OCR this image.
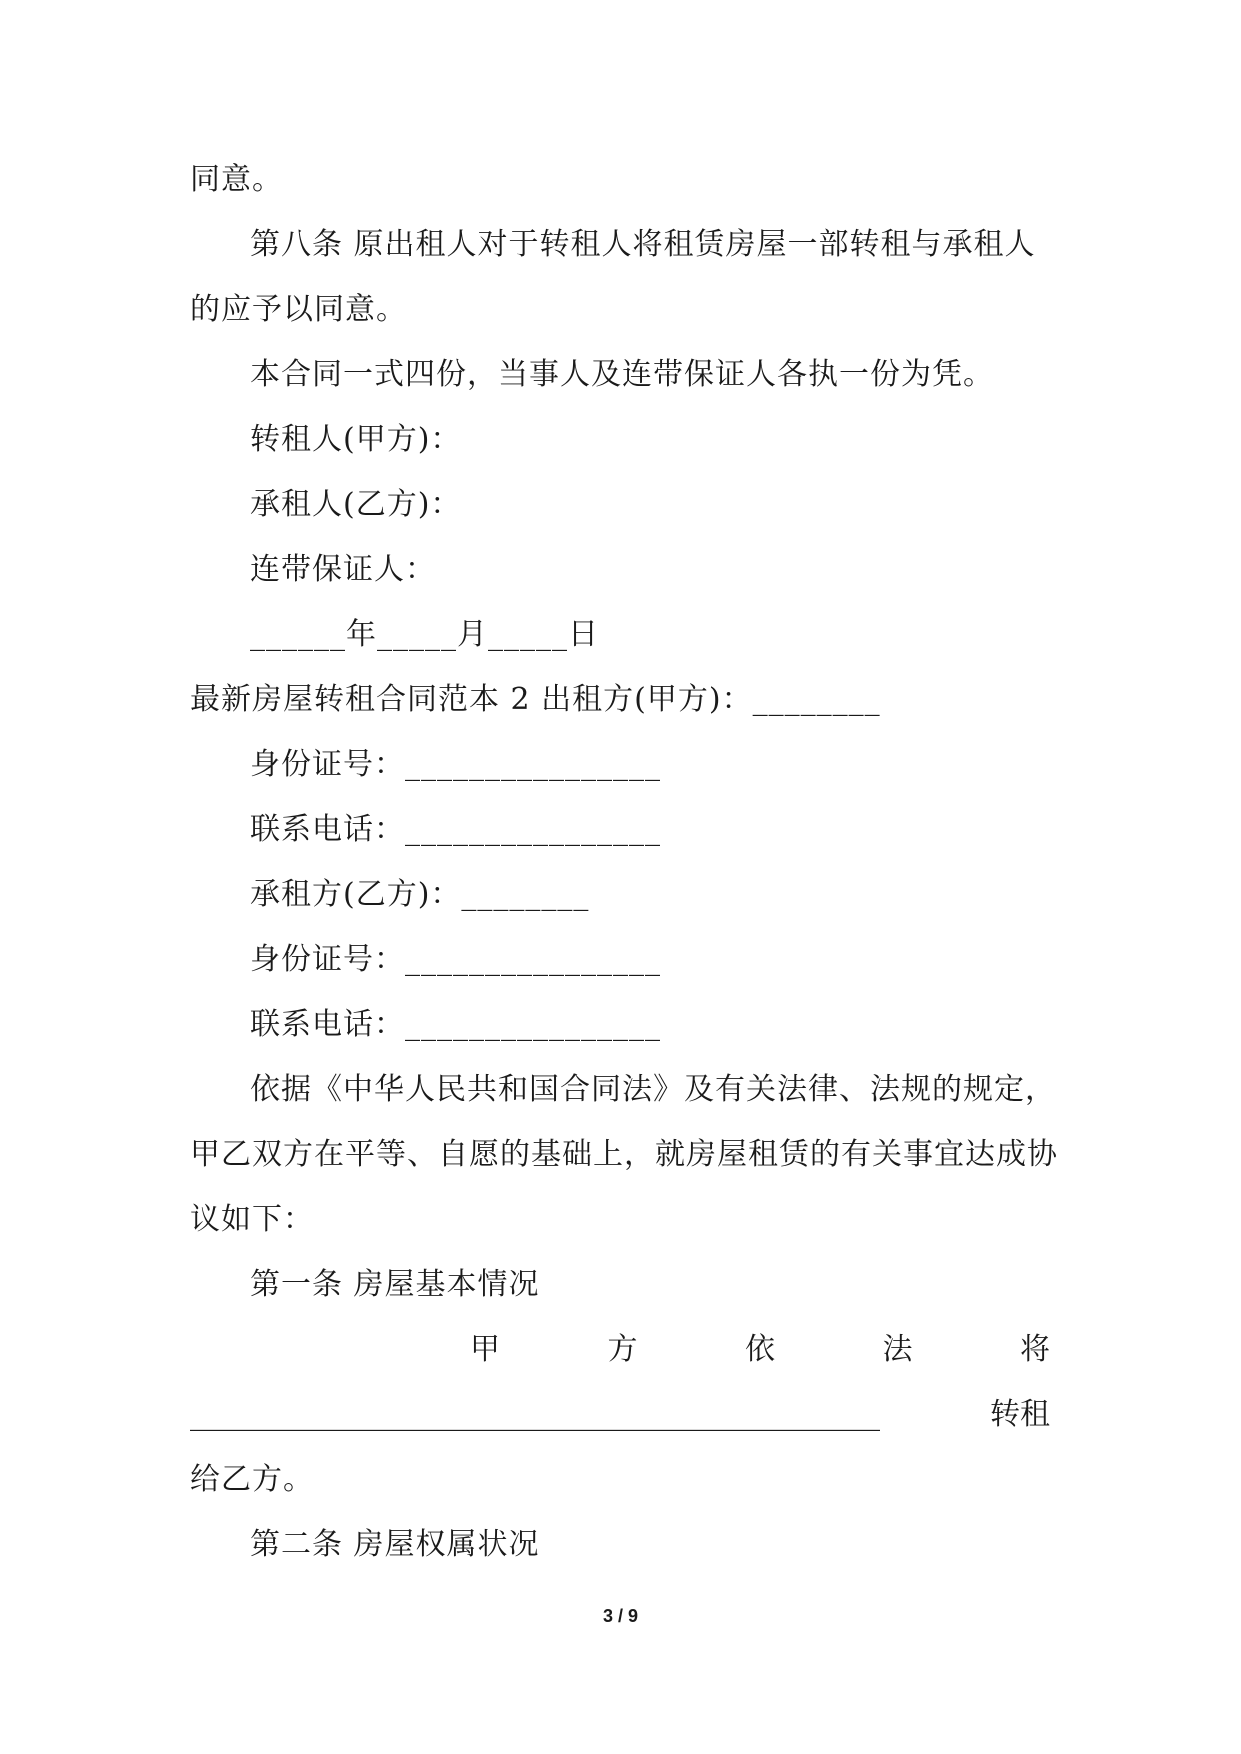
同意。
第八条 原出租人对于转租人将租赁房屋一部转租与承租人
的应予以同意。
本合同一式四份，当事人及连带保证人各执一份为凭。
转租人(甲方)：
承租人(乙方)：
连带保证人：
______年_____月_____日
最新房屋转租合同范本 2 出租方(甲方)：________
身份证号：________________
联系电话：________________
承租方(乙方)：________
身份证号：________________
联系电话：________________
依据《中华人民共和国合同法》及有关法律、法规的规定，
甲乙双方在平等、自愿的基础上，就房屋租赁的有关事宜达成协
议如下：
第一条 房屋基本情况
甲	方	依	法	将
______________________________________________	转租
给乙方。
第二条 房屋权属状况
3 / 9
